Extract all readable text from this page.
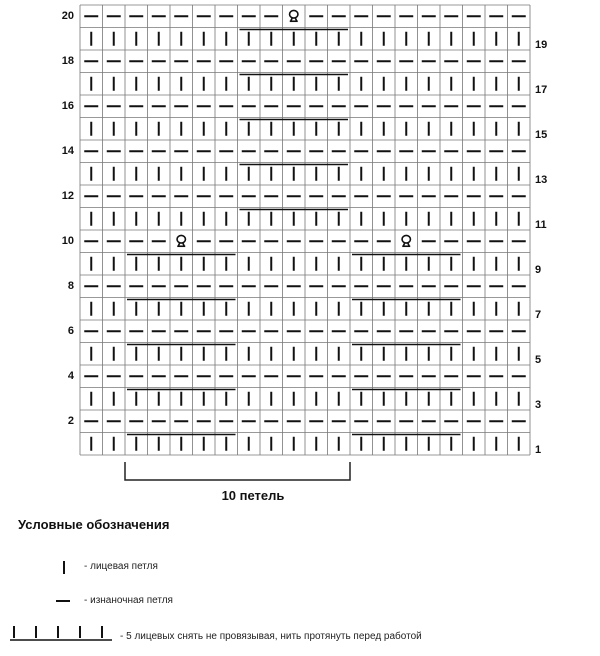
20
18
16
14
12
10
8
6
4
2
19
17
15
13
11
9
7
5
3
1
10 петель
Условные обозначения
- лицевая петля
- изнаночная петля
- 5 лицевых снять не провязывая, нить протянуть перед работой
